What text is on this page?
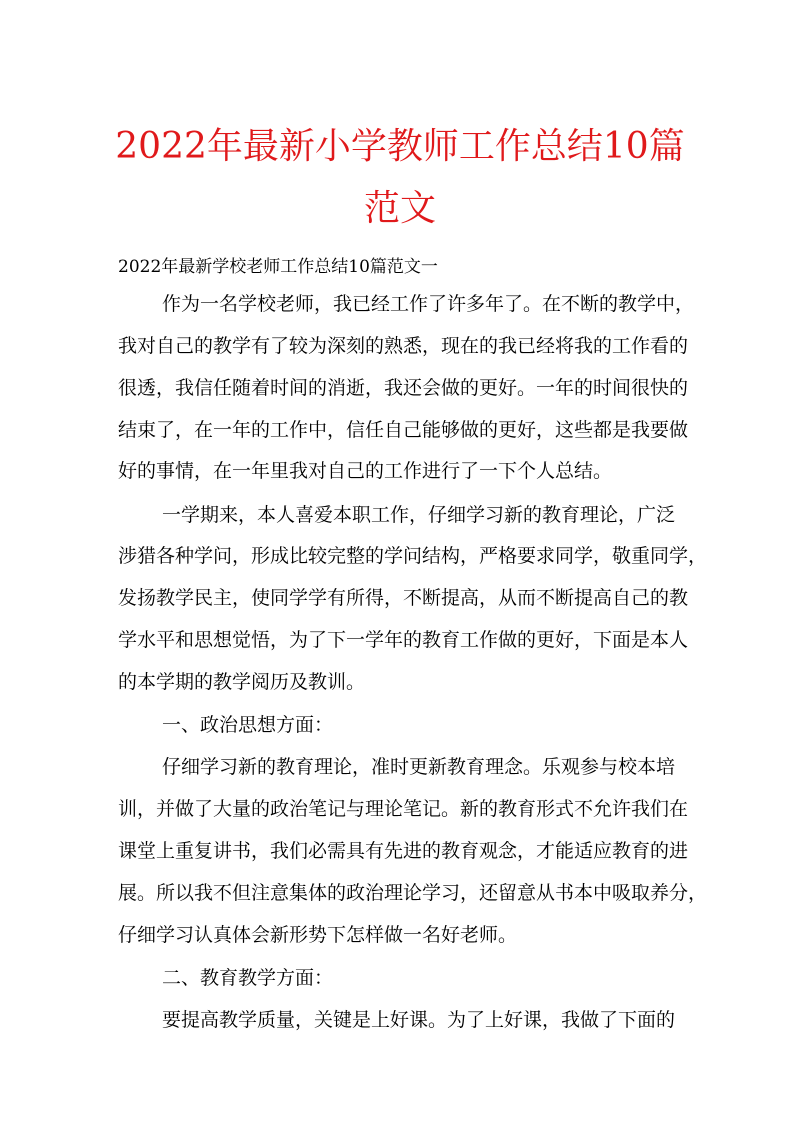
2022年最新小学教师工作总结10篇
范文

2022年最新学校老师工作总结10篇范文一

作为一名学校老师，我已经工作了许多年了。在不断的教学中，

我对自己的教学有了较为深刻的熟悉，现在的我已经将我的工作看的

很透，我信任随着时间的消逝，我还会做的更好。一年的时间很快的

结束了，在一年的工作中，信任自己能够做的更好，这些都是我要做

好的事情，在一年里我对自己的工作进行了一下个人总结。

一学期来，本人喜爱本职工作，仔细学习新的教育理论，广泛

涉猎各种学问，形成比较完整的学问结构，严格要求同学，敬重同学，

发扬教学民主，使同学学有所得，不断提高，从而不断提高自己的教

学水平和思想觉悟，为了下一学年的教育工作做的更好，下面是本人

的本学期的教学阅历及教训。

一、政治思想方面：

仔细学习新的教育理论，准时更新教育理念。乐观参与校本培

训，并做了大量的政治笔记与理论笔记。新的教育形式不允许我们在

课堂上重复讲书，我们必需具有先进的教育观念，才能适应教育的进

展。所以我不但注意集体的政治理论学习，还留意从书本中吸取养分，

仔细学习认真体会新形势下怎样做一名好老师。

二、教育教学方面：

要提高教学质量，关键是上好课。为了上好课，我做了下面的
